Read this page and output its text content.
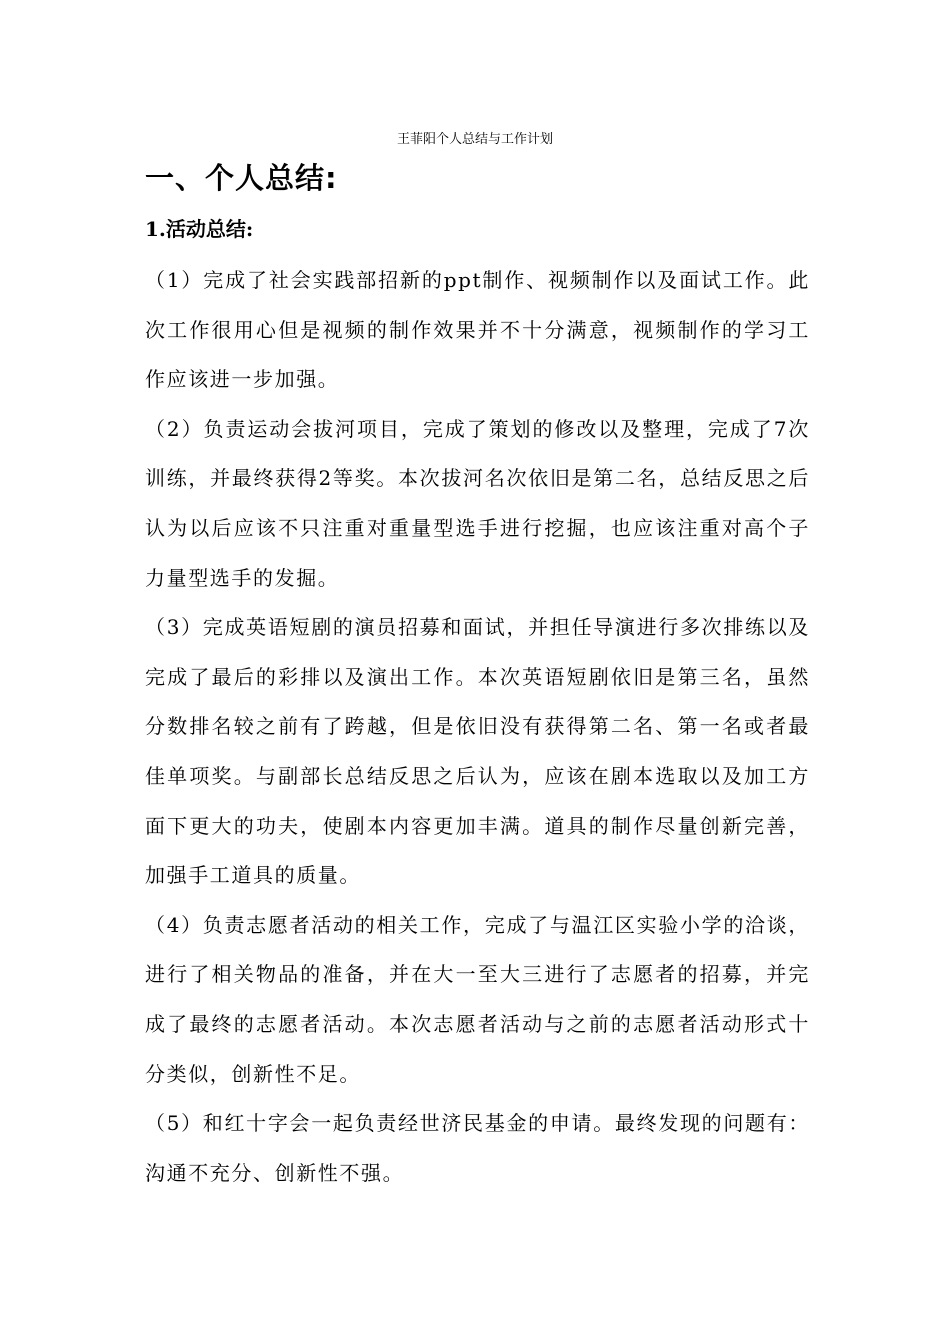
王菲阳个人总结与工作计划
一、个人总结:
1.活动总结:

（1）完成了社会实践部招新的ppt制作、视频制作以及面试工作。此次工作很用心但是视频的制作效果并不十分满意，视频制作的学习工作应该进一步加强。

（2）负责运动会拔河项目，完成了策划的修改以及整理，完成了7次训练，并最终获得2等奖。本次拔河名次依旧是第二名，总结反思之后认为以后应该不只注重对重量型选手进行挖掘，也应该注重对高个子力量型选手的发掘。

（3）完成英语短剧的演员招募和面试，并担任导演进行多次排练以及完成了最后的彩排以及演出工作。本次英语短剧依旧是第三名，虽然分数排名较之前有了跨越，但是依旧没有获得第二名、第一名或者最佳单项奖。与副部长总结反思之后认为，应该在剧本选取以及加工方面下更大的功夫，使剧本内容更加丰满。道具的制作尽量创新完善，加强手工道具的质量。

（4）负责志愿者活动的相关工作，完成了与温江区实验小学的洽谈，进行了相关物品的准备，并在大一至大三进行了志愿者的招募，并完成了最终的志愿者活动。本次志愿者活动与之前的志愿者活动形式十分类似，创新性不足。

（5）和红十字会一起负责经世济民基金的申请。最终发现的问题有：沟通不充分、创新性不强。
